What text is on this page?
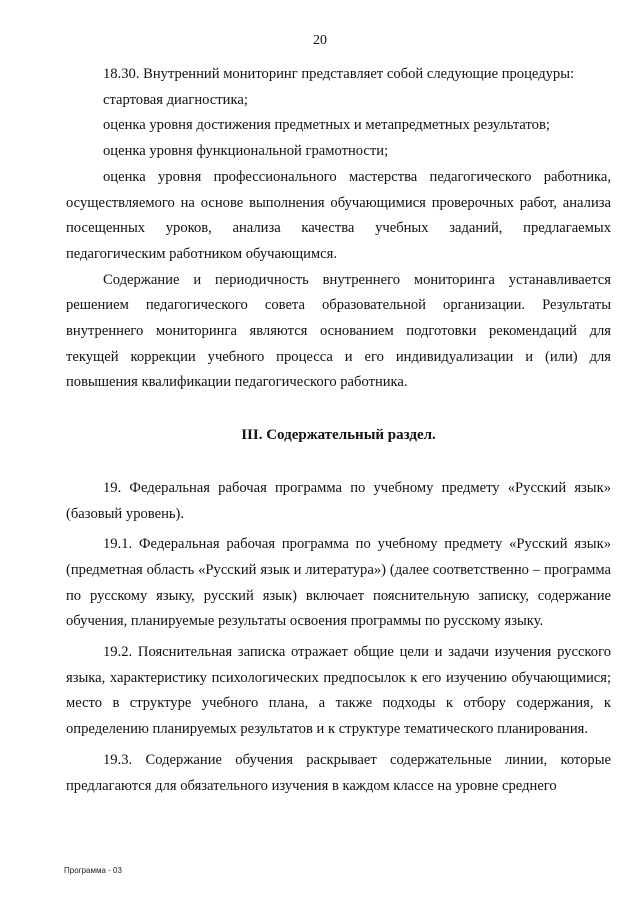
20

18.30. Внутренний мониторинг представляет собой следующие процедуры:

стартовая диагностика;

оценка уровня достижения предметных и метапредметных результатов;

оценка уровня функциональной грамотности;

оценка уровня профессионального мастерства педагогического работника, осуществляемого на основе выполнения обучающимися проверочных работ, анализа посещенных уроков, анализа качества учебных заданий, предлагаемых педагогическим работником обучающимся.

Содержание и периодичность внутреннего мониторинга устанавливается решением педагогического совета образовательной организации. Результаты внутреннего мониторинга являются основанием подготовки рекомендаций для текущей коррекции учебного процесса и его индивидуализации и (или) для повышения квалификации педагогического работника.

III. Содержательный раздел.

19. Федеральная рабочая программа по учебному предмету «Русский язык» (базовый уровень).

19.1. Федеральная рабочая программа по учебному предмету «Русский язык» (предметная область «Русский язык и литература») (далее соответственно – программа по русскому языку, русский язык) включает пояснительную записку, содержание обучения, планируемые результаты освоения программы по русскому языку.

19.2. Пояснительная записка отражает общие цели и задачи изучения русского языка, характеристику психологических предпосылок к его изучению обучающимися; место в структуре учебного плана, а также подходы к отбору содержания, к определению планируемых результатов и к структуре тематического планирования.

19.3. Содержание обучения раскрывает содержательные линии, которые предлагаются для обязательного изучения в каждом классе на уровне среднего

Программа - 03
